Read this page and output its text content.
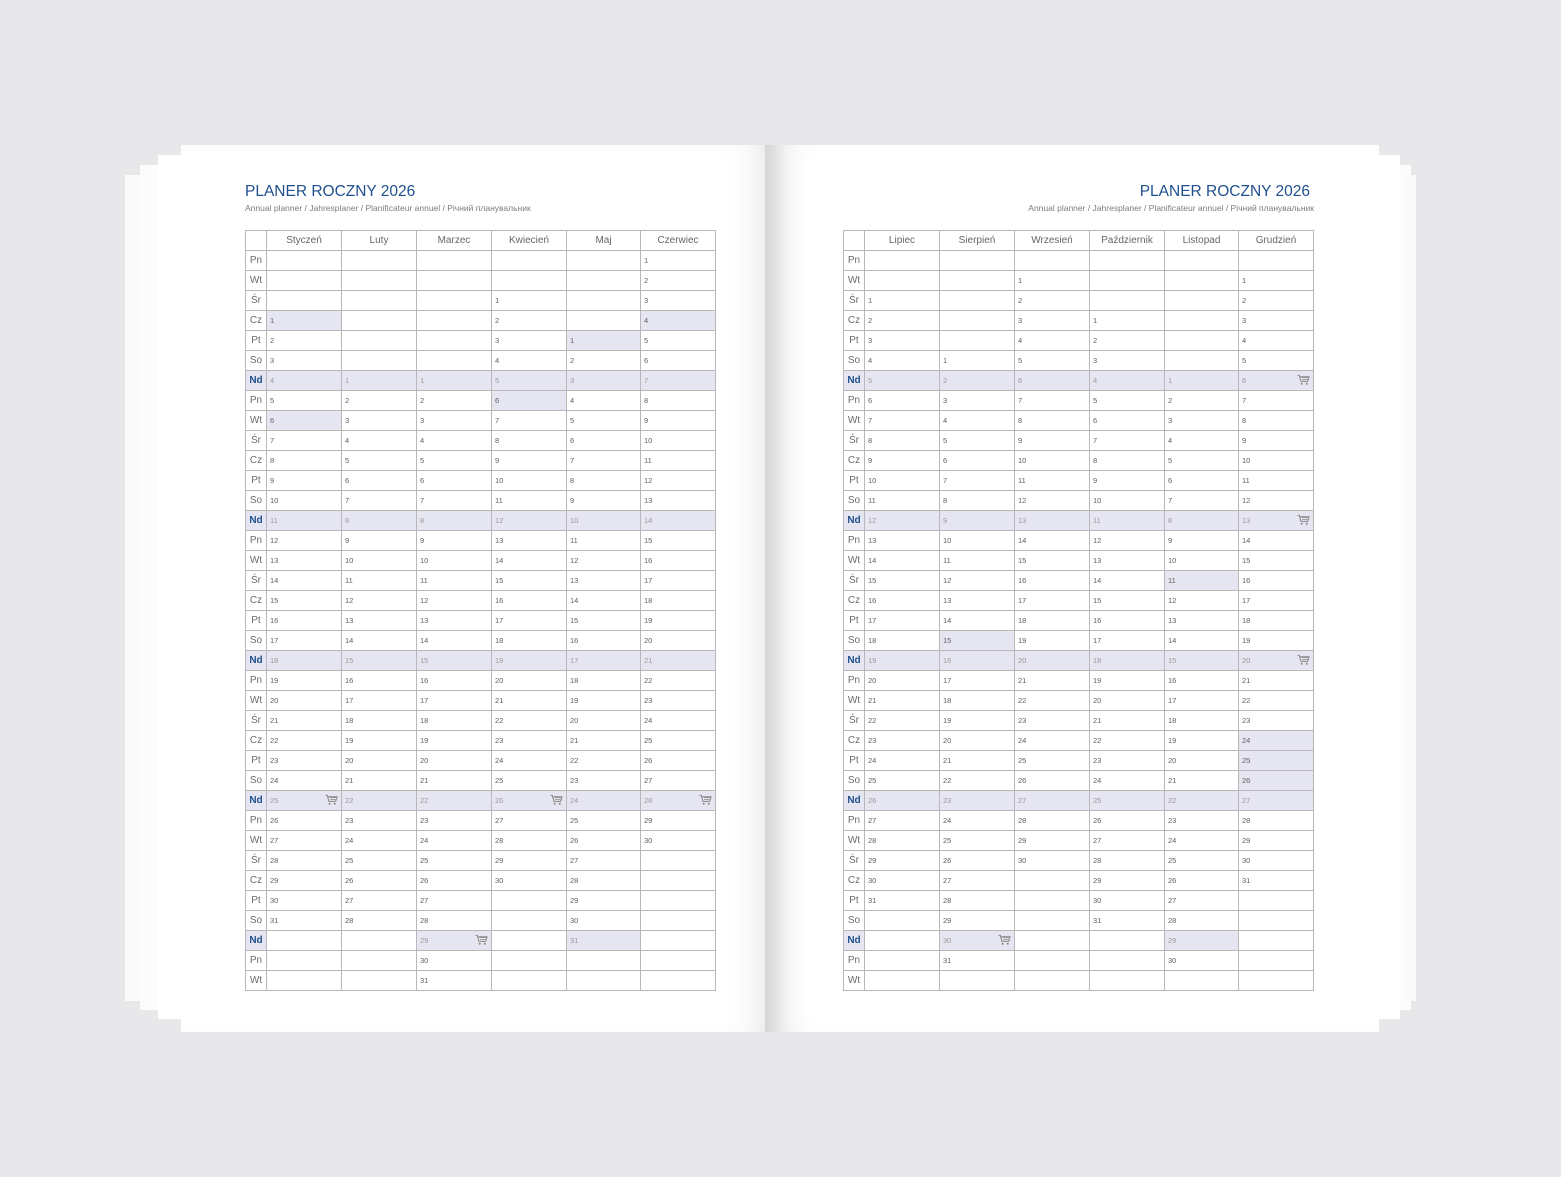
PLANER ROCZNY 2026
Annual planner / Jahresplaner / Planificateur annuel / Річний планувальник
	Styczeń	Luty	Marzec	Kwiecień	Maj	Czerwiec
Pn						1
Wt						2
Śr				1		3
Cz	1			2		4
Pt	2			3	1	5
So	3			4	2	6
Nd	4	1	1	5	3	7
Pn	5	2	2	6	4	8
Wt	6	3	3	7	5	9
Śr	7	4	4	8	6	10
Cz	8	5	5	9	7	11
Pt	9	6	6	10	8	12
So	10	7	7	11	9	13
Nd	11	8	8	12	10	14
Pn	12	9	9	13	11	15
Wt	13	10	10	14	12	16
Śr	14	11	11	15	13	17
Cz	15	12	12	16	14	18
Pt	16	13	13	17	15	19
So	17	14	14	18	16	20
Nd	18	15	15	19	17	21
Pn	19	16	16	20	18	22
Wt	20	17	17	21	19	23
Śr	21	18	18	22	20	24
Cz	22	19	19	23	21	25
Pt	23	20	20	24	22	26
So	24	21	21	25	23	27
Nd	25	22	22	26	24	28

Pn	26	23	23	27	25	29
Wt	27	24	24	28	26	30
Śr	28	25	25	29	27	
Cz	29	26	26	30	28	
Pt	30	27	27		29	
So	31	28	28		30	
Nd			29		31	
Pn			30			
Wt			31			
PLANER ROCZNY 2026
Annual planner / Jahresplaner / Planificateur annuel / Річний планувальник
	Lipiec	Sierpień	Wrzesień	Październik	Listopad	Grudzień
Pn						
Wt			1			1
Śr	1		2			2
Cz	2		3	1		3
Pt	3		4	2		4
So	4	1	5	3		5
Nd	5	2	6	4	1	6

Pn	6	3	7	5	2	7
Wt	7	4	8	6	3	8
Śr	8	5	9	7	4	9
Cz	9	6	10	8	5	10
Pt	10	7	11	9	6	11
So	11	8	12	10	7	12
Nd	12	9	13	11	8	13

Pn	13	10	14	12	9	14
Wt	14	11	15	13	10	15
Śr	15	12	16	14	11	16
Cz	16	13	17	15	12	17
Pt	17	14	18	16	13	18
So	18	15	19	17	14	19
Nd	19	16	20	18	15	20

Pn	20	17	21	19	16	21
Wt	21	18	22	20	17	22
Śr	22	19	23	21	18	23
Cz	23	20	24	22	19	24
Pt	24	21	25	23	20	25
So	25	22	26	24	21	26
Nd	26	23	27	25	22	27
Pn	27	24	28	26	23	28
Wt	28	25	29	27	24	29
Śr	29	26	30	28	25	30
Cz	30	27		29	26	31
Pt	31	28		30	27	
So		29		31	28	
Nd		30			29	
Pn		31			30	
Wt						
